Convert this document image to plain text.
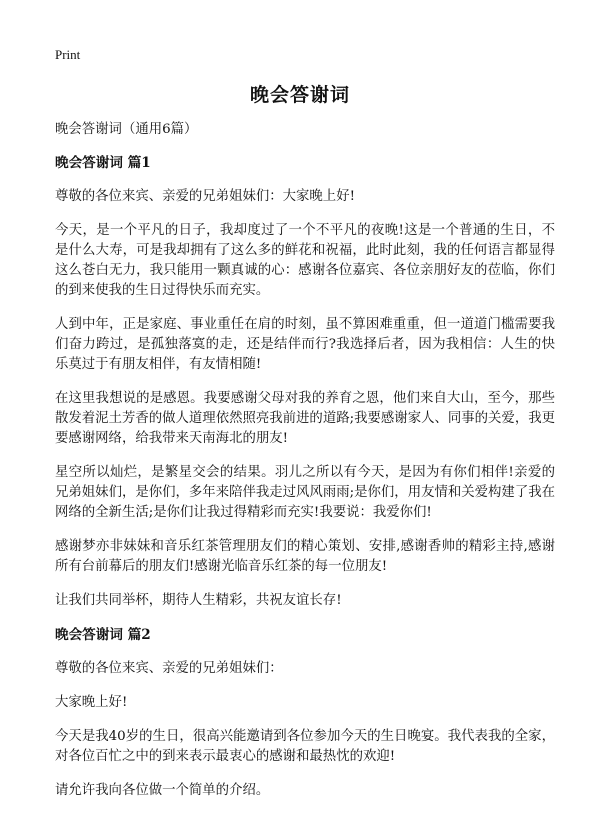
Print
晚会答谢词

晚会答谢词（通用6篇）

晚会答谢词 篇1

尊敬的各位来宾、亲爱的兄弟姐妹们：大家晚上好!

今天，是一个平凡的日子，我却度过了一个不平凡的夜晚!这是一个普通的生日，不是什么大寿，可是我却拥有了这么多的鲜花和祝福，此时此刻，我的任何语言都显得这么苍白无力，我只能用一颗真诚的心：感谢各位嘉宾、各位亲朋好友的莅临，你们的到来使我的生日过得快乐而充实。

人到中年，正是家庭、事业重任在肩的时刻，虽不算困难重重，但一道道门槛需要我们奋力跨过，是孤独落寞的走，还是结伴而行?我选择后者，因为我相信：人生的快乐莫过于有朋友相伴，有友情相随!

在这里我想说的是感恩。我要感谢父母对我的养育之恩，他们来自大山，至今，那些散发着泥土芳香的做人道理依然照亮我前进的道路;我要感谢家人、同事的关爱，我更要感谢网络，给我带来天南海北的朋友!

星空所以灿烂，是繁星交会的结果。羽儿之所以有今天，是因为有你们相伴!亲爱的兄弟姐妹们，是你们，多年来陪伴我走过风风雨雨;是你们，用友情和关爱构建了我在网络的全新生活;是你们让我过得精彩而充实!我要说：我爱你们!

感谢梦亦非妹妹和音乐红茶管理朋友们的精心策划、安排,感谢香帅的精彩主持,感谢所有台前幕后的朋友们!感谢光临音乐红茶的每一位朋友!

让我们共同举杯，期待人生精彩，共祝友谊长存!

晚会答谢词 篇2

尊敬的各位来宾、亲爱的兄弟姐妹们：

大家晚上好!

今天是我40岁的生日，很高兴能邀请到各位参加今天的生日晚宴。我代表我的全家，对各位百忙之中的到来表示最衷心的感谢和最热忱的欢迎!

请允许我向各位做一个简单的介绍。
